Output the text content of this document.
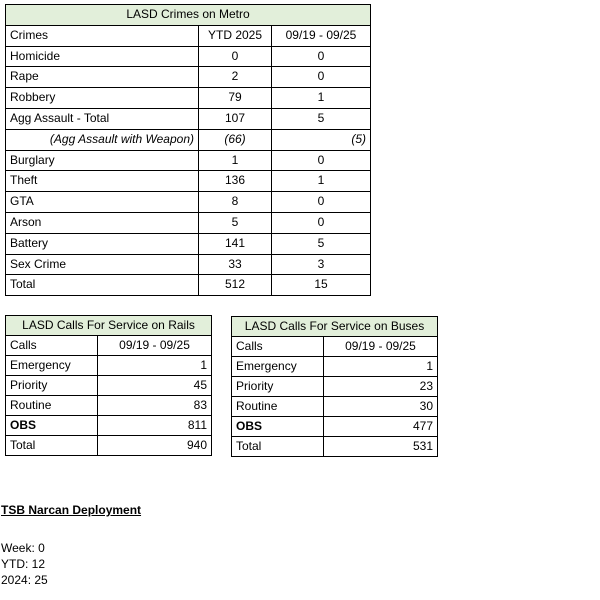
LASD Crimes on Metro		
Crimes	YTD 2025	09/19 - 09/25
Homicide	0	0
Rape	2	0
Robbery	79	1
Agg Assault - Total	107	5
(Agg Assault with Weapon)	(66)	(5)
Burglary	1	0
Theft	136	1
GTA	8	0
Arson	5	0
Battery	141	5
Sex Crime	33	3
Total	512	15
LASD Calls For Service on Rails	
Calls	09/19 - 09/25
Emergency	1
Priority	45
Routine	83
OBS	811
Total	940
LASD Calls For Service on Buses	
Calls	09/19 - 09/25
Emergency	1
Priority	23
Routine	30
OBS	477
Total	531
TSB Narcan Deployment
Week: 0
YTD: 12
2024: 25
